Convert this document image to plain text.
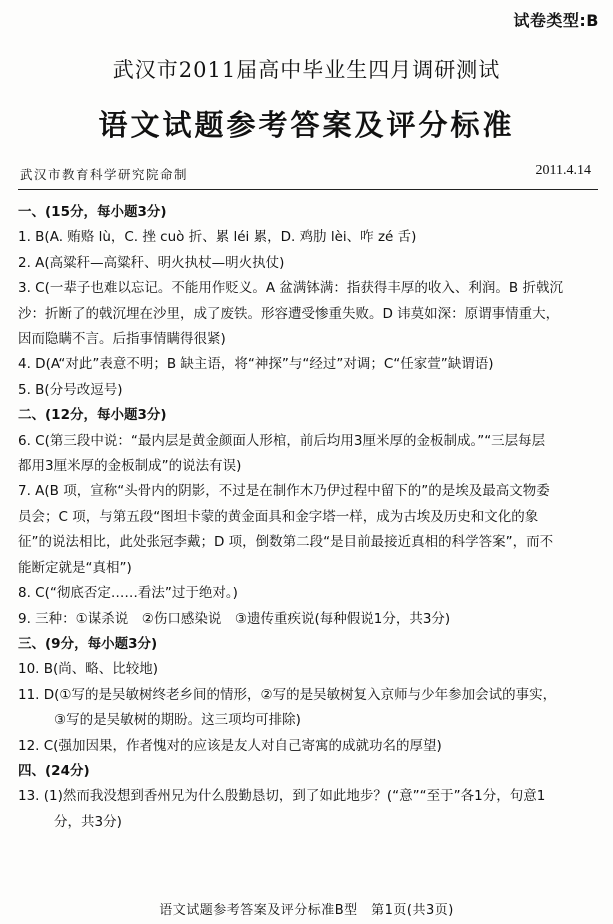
试卷类型:B
武汉市2011届高中毕业生四月调研测试
语文试题参考答案及评分标准
武汉市教育科学研究院命制	2011.4.14
一、(15分，每小题3分)
1. B(A. 贿赂 lù，C. 挫 cuò 折、累 léi 累，D. 鸡肋 lèi、咋 zé 舌)
2. A(高粱秆—高粱秆、明火执杖—明火执仗)
3. C(一辈子也难以忘记。不能用作贬义。A 盆满钵满：指获得丰厚的收入、利润。B 折戟沉
沙：折断了的戟沉埋在沙里，成了废铁。形容遭受惨重失败。D 讳莫如深：原谓事情重大，
因而隐瞒不言。后指事情瞒得很紧)
4. D(A“对此”表意不明；B 缺主语，将“神探”与“经过”对调；C“任家萱”缺谓语)
5. B(分号改逗号)
二、(12分，每小题3分)
6. C(第三段中说：“最内层是黄金颜面人形棺，前后均用3厘米厚的金板制成。”“三层每层
都用3厘米厚的金板制成”的说法有误)
7. A(B 项，宣称“头骨内的阴影，不过是在制作木乃伊过程中留下的”的是埃及最高文物委
员会；C 项，与第五段“图坦卡蒙的黄金面具和金字塔一样，成为古埃及历史和文化的象
征”的说法相比，此处张冠李戴；D 项，倒数第二段“是目前最接近真相的科学答案”，而不
能断定就是“真相”)
8. C(“彻底否定……看法”过于绝对。)
9. 三种：①谋杀说　②伤口感染说　③遗传重疾说(每种假说1分，共3分)
三、(9分，每小题3分)
10. B(尚、略、比较地)
11. D(①写的是吴敏树终老乡间的情形，②写的是吴敏树复入京师与少年参加会试的事实，
③写的是吴敏树的期盼。这三项均可排除)
12. C(强加因果，作者愧对的应该是友人对自己寄寓的成就功名的厚望)
四、(24分)
13. (1)然而我没想到香州兄为什么殷勤恳切，到了如此地步？(“意”“至于”各1分，句意1
分，共3分)
语文试题参考答案及评分标准B型　第1页(共3页)
